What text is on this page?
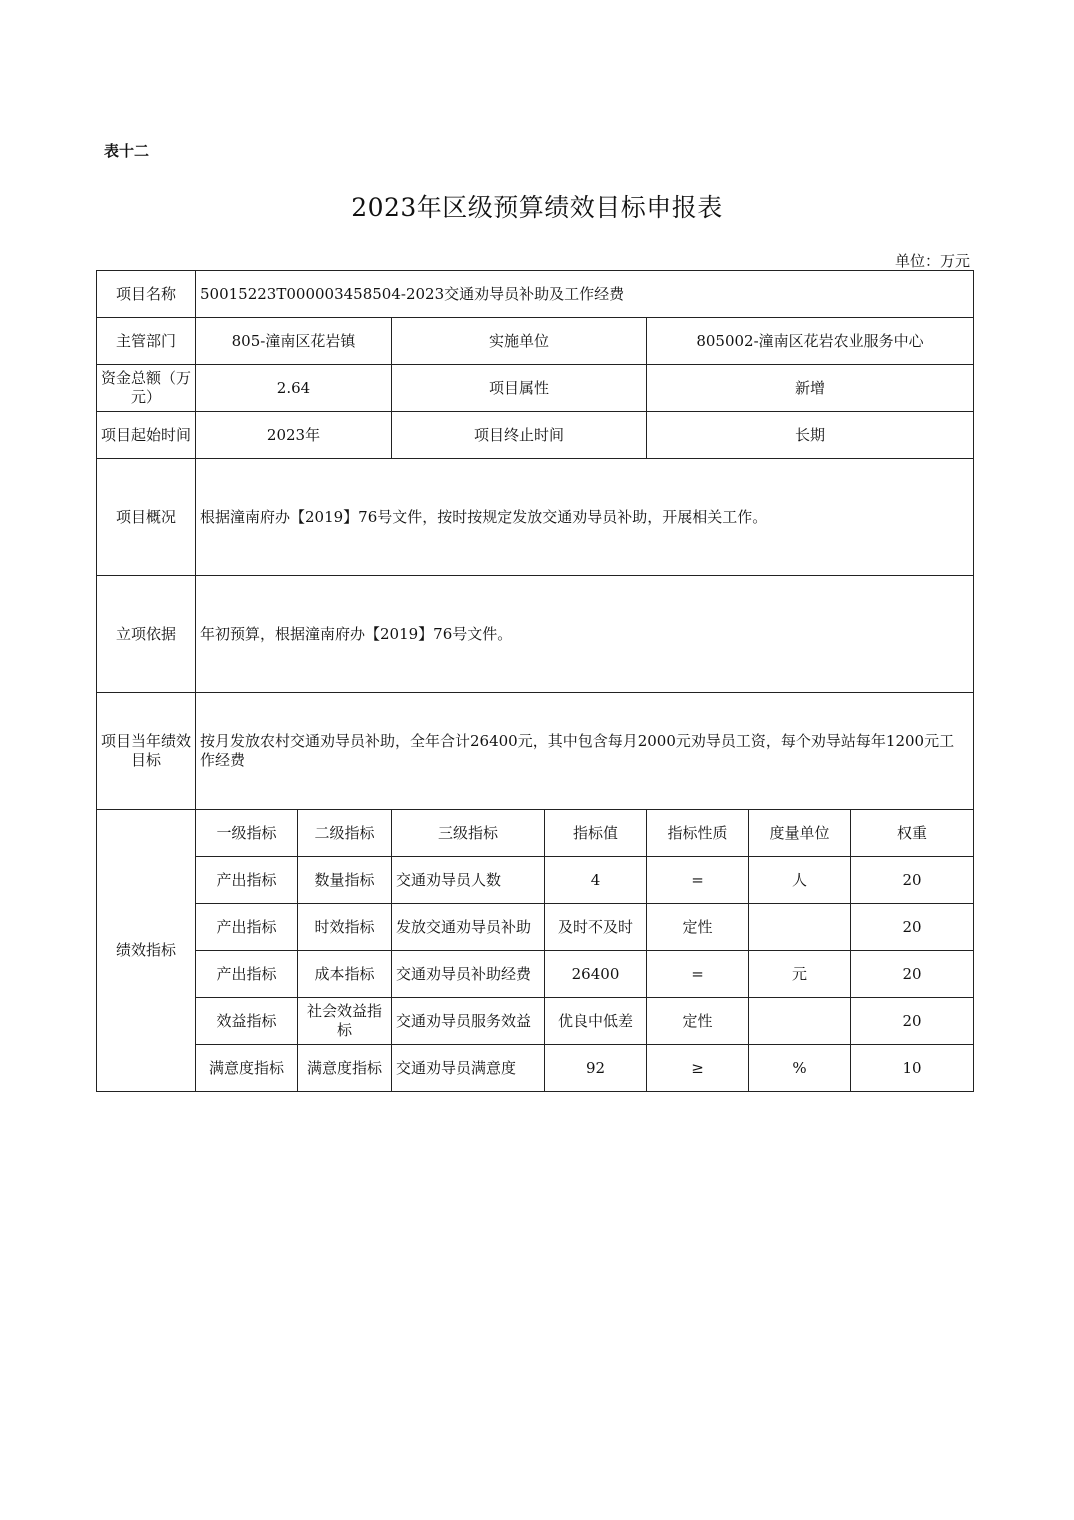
表十二
2023年区级预算绩效目标申报表
单位：万元
项目名称	50015223T000003458504-2023交通劝导员补助及工作经费						
主管部门	805-潼南区花岩镇		实施单位		805002-潼南区花岩农业服务中心		
资金总额（万元）	2.64		项目属性		新增		
项目起始时间	2023年		项目终止时间		长期		
项目概况	根据潼南府办【2019】76号文件，按时按规定发放交通劝导员补助，开展相关工作。						
立项依据	年初预算，根据潼南府办【2019】76号文件。						
项目当年绩效目标	按月发放农村交通劝导员补助，全年合计26400元，其中包含每月2000元劝导员工资，每个劝导站每年1200元工作经费						
绩效指标	一级指标	二级指标	三级指标	指标值	指标性质	度量单位	权重
	产出指标	数量指标	交通劝导员人数	4	=	人	20
	产出指标	时效指标	发放交通劝导员补助	及时不及时	定性		20
	产出指标	成本指标	交通劝导员补助经费	26400	=	元	20
	效益指标	社会效益指标	交通劝导员服务效益	优良中低差	定性		20
	满意度指标	满意度指标	交通劝导员满意度	92	≥	%	10
